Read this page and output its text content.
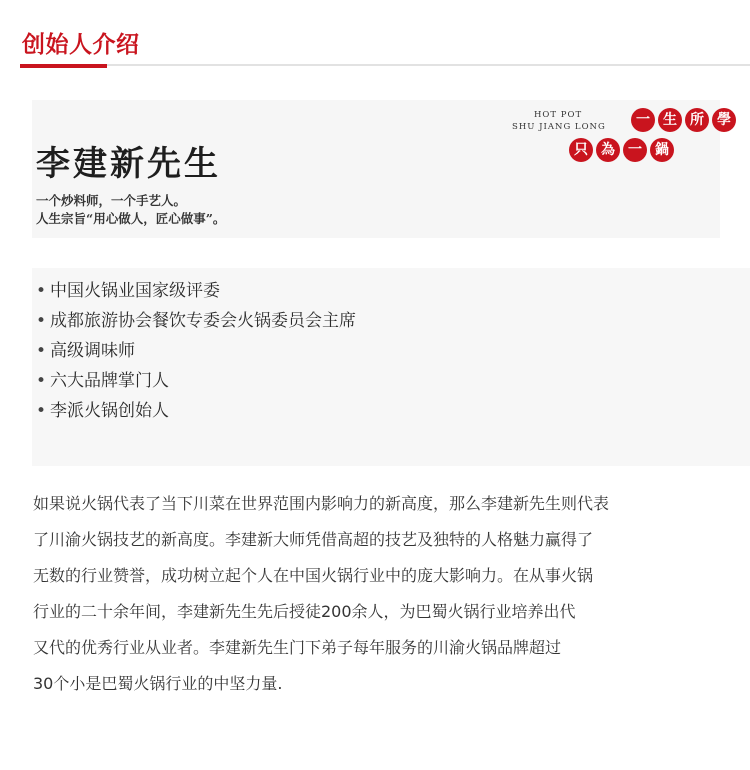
创始人介绍
李建新先生
一个炒料师，一个手艺人。
人生宗旨“用心做人，匠心做事”。
HOT POT
SHU JIANG LONG	一 生 所 學
只 為 一 鍋
• 中国火锅业国家级评委
• 成都旅游协会餐饮专委会火锅委员会主席
• 高级调味师
• 六大品牌掌门人
• 李派火锅创始人
如果说火锅代表了当下川菜在世界范围内影响力的新高度，那么李建新先生则代表
了川渝火锅技艺的新高度。李建新大师凭借高超的技艺及独特的人格魅力赢得了
无数的行业赞誉，成功树立起个人在中国火锅行业中的庞大影响力。在从事火锅
行业的二十余年间，李建新先生先后授徒200余人，为巴蜀火锅行业培养出代
又代的优秀行业从业者。李建新先生门下弟子每年服务的川渝火锅品牌超过
30个小是巴蜀火锅行业的中坚力量.
